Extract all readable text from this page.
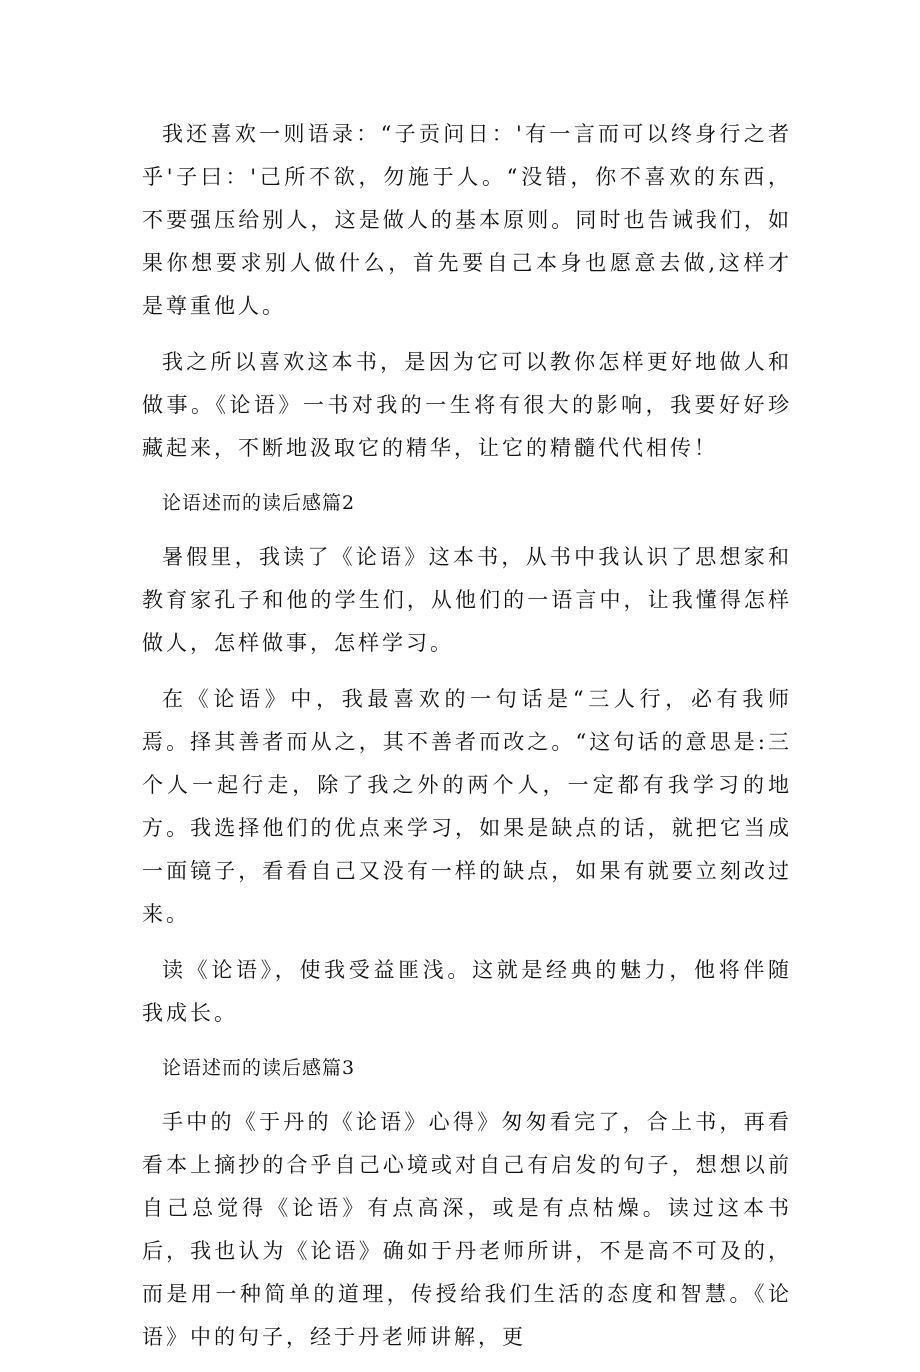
我还喜欢一则语录：“子贡问日：'有一言而可以终身行之者乎'子曰：'己所不欲，勿施于人。“没错，你不喜欢的东西，不要强压给别人，这是做人的基本原则。同时也告诫我们，如果你想要求别人做什么，首先要自己本身也愿意去做,这样才是尊重他人。

我之所以喜欢这本书，是因为它可以教你怎样更好地做人和做事。《论语》一书对我的一生将有很大的影响，我要好好珍藏起来，不断地汲取它的精华，让它的精髓代代相传！

论语述而的读后感篇2

暑假里，我读了《论语》这本书，从书中我认识了思想家和教育家孔子和他的学生们，从他们的一语言中，让我懂得怎样做人，怎样做事，怎样学习。

在《论语》中，我最喜欢的一句话是“三人行，必有我师焉。择其善者而从之，其不善者而改之。“这句话的意思是:三个人一起行走，除了我之外的两个人，一定都有我学习的地方。我选择他们的优点来学习，如果是缺点的话，就把它当成一面镜子，看看自己又没有一样的缺点，如果有就要立刻改过来。

读《论语》，使我受益匪浅。这就是经典的魅力，他将伴随我成长。

论语述而的读后感篇3

手中的《于丹的《论语》心得》匆匆看完了，合上书，再看看本上摘抄的合乎自己心境或对自己有启发的句子，想想以前自己总觉得《论语》有点高深，或是有点枯燥。读过这本书后，我也认为《论语》确如于丹老师所讲，不是高不可及的，而是用一种简单的道理，传授给我们生活的态度和智慧。《论语》中的句子，经于丹老师讲解，更
